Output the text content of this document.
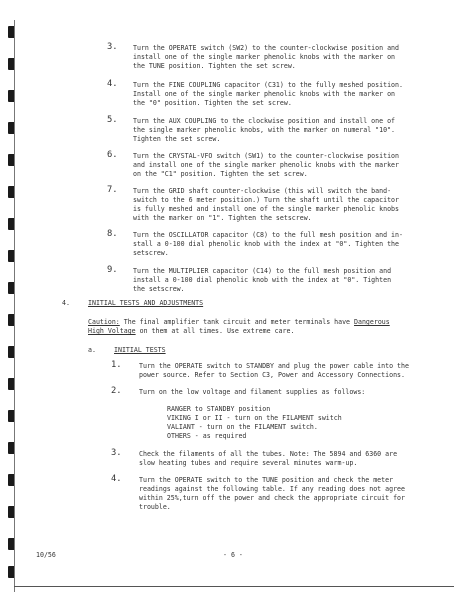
3. Turn the OPERATE switch (SW2) to the counter-clockwise position and
install one of the single marker phenolic knobs with the marker on
the TUNE position. Tighten the set screw.
4. Turn the FINE COUPLING capacitor (C31) to the fully meshed position.
Install one of the single marker phenolic knobs with the marker on
the "0" position. Tighten the set screw.
5. Turn the AUX COUPLING to the clockwise position and install one of
the single marker phenolic knobs, with the marker on numeral "10".
Tighten the set screw.
6. Turn the CRYSTAL-VFO switch (SW1) to the counter-clockwise position
and install one of the single marker phenolic knobs with the marker
on the "C1" position. Tighten the set screw.
7. Turn the GRID shaft counter-clockwise (this will switch the band-
switch to the 6 meter position.) Turn the shaft until the capacitor
is fully meshed and install one of the single marker phenolic knobs
with the marker on "1". Tighten the setscrew.
8. Turn the OSCILLATOR capacitor (C8) to the full mesh position and in-
stall a 0-100 dial phenolic knob with the index at "0". Tighten the
setscrew.
9. Turn the MULTIPLIER capacitor (C14) to the full mesh position and
install a 0-100 dial phenolic knob with the index at "0". Tighten
the setscrew.
4.	INITIAL TESTS AND ADJUSTMENTS
Caution: The final amplifier tank circuit and meter terminals have Dangerous
High Voltage on them at all times. Use extreme care.
a.	INITIAL TESTS
1.	Turn the OPERATE switch to STANDBY and plug the power cable into the
power source. Refer to Section C3, Power and Accessory Connections.
2.	Turn on the low voltage and filament supplies as follows:
RANGER to STANDBY position
VIKING I or II - turn on the FILAMENT switch
VALIANT - turn on the FILAMENT switch.
OTHERS - as required
3.	Check the filaments of all the tubes. Note: The 5894 and 6360 are
slow heating tubes and require several minutes warm-up.
4.	Turn the OPERATE switch to the TUNE position and check the meter
readings against the following table. If any reading does not agree
within 25%,turn off the power and check the appropriate circuit for
trouble.
10/56	- 6 -
